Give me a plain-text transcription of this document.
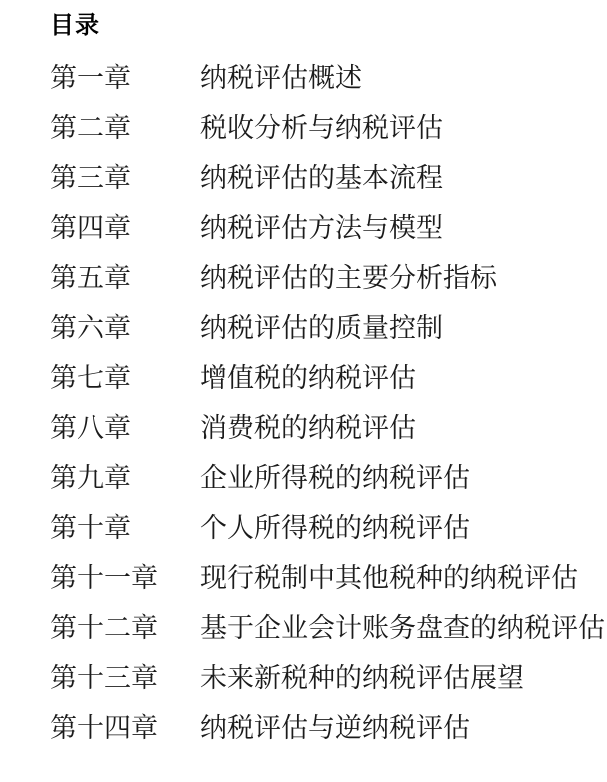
目录
第一章	纳税评估概述
第二章	税收分析与纳税评估
第三章	纳税评估的基本流程
第四章	纳税评估方法与模型
第五章	纳税评估的主要分析指标
第六章	纳税评估的质量控制
第七章	增值税的纳税评估
第八章	消费税的纳税评估
第九章	企业所得税的纳税评估
第十章	个人所得税的纳税评估
第十一章	现行税制中其他税种的纳税评估
第十二章	基于企业会计账务盘查的纳税评估
第十三章	未来新税种的纳税评估展望
第十四章	纳税评估与逆纳税评估
